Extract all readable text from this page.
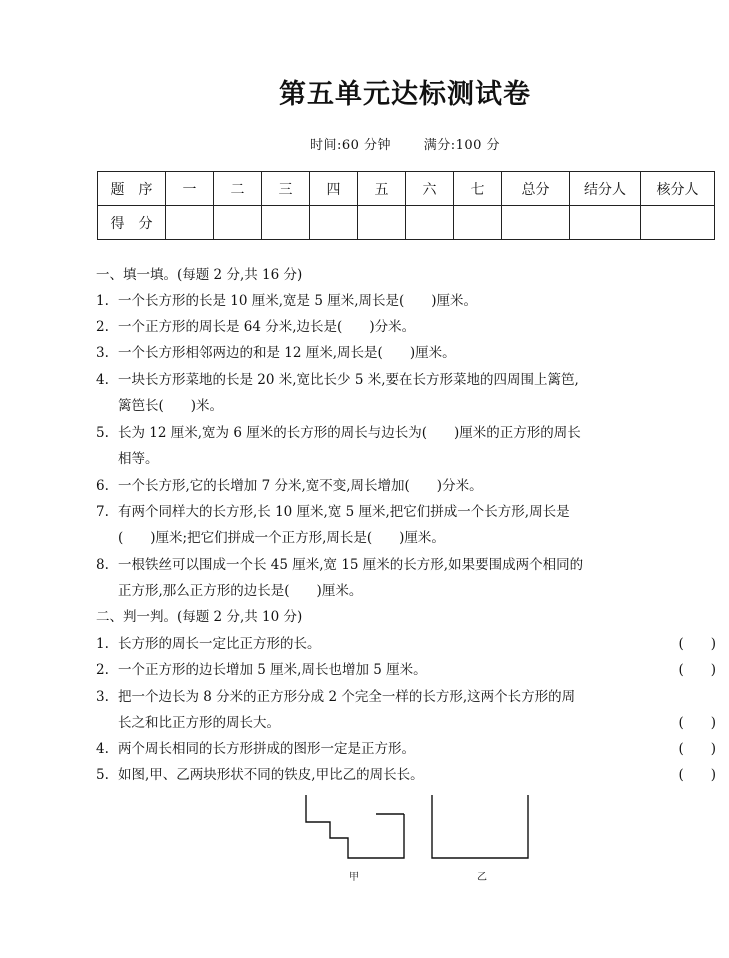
第五单元达标测试卷
时间:60 分钟	满分:100 分
题　序	一	二	三	四	五	六	七	总分	结分人	核分人
得　分										
一、填一填。(每题 2 分,共 16 分)
1. 一个长方形的长是 10 厘米,宽是 5 厘米,周长是(　　)厘米。
2. 一个正方形的周长是 64 分米,边长是(　　)分米。
3. 一个长方形相邻两边的和是 12 厘米,周长是(　　)厘米。
4. 一块长方形菜地的长是 20 米,宽比长少 5 米,要在长方形菜地的四周围上篱笆,
篱笆长(　　)米。
5. 长为 12 厘米,宽为 6 厘米的长方形的周长与边长为(　　)厘米的正方形的周长
相等。
6. 一个长方形,它的长增加 7 分米,宽不变,周长增加(　　)分米。
7. 有两个同样大的长方形,长 10 厘米,宽 5 厘米,把它们拼成一个长方形,周长是
(　　)厘米;把它们拼成一个正方形,周长是(　　)厘米。
8. 一根铁丝可以围成一个长 45 厘米,宽 15 厘米的长方形,如果要围成两个相同的
正方形,那么正方形的边长是(　　)厘米。
二、判一判。(每题 2 分,共 10 分)
1. 长方形的周长一定比正方形的长。	(　　)
2. 一个正方形的边长增加 5 厘米,周长也增加 5 厘米。	(　　)
3. 把一个边长为 8 分米的正方形分成 2 个完全一样的长方形,这两个长方形的周
长之和比正方形的周长大。	(　　)
4. 两个周长相同的长方形拼成的图形一定是正方形。	(　　)
5. 如图,甲、乙两块形状不同的铁皮,甲比乙的周长长。	(　　)
甲	乙
